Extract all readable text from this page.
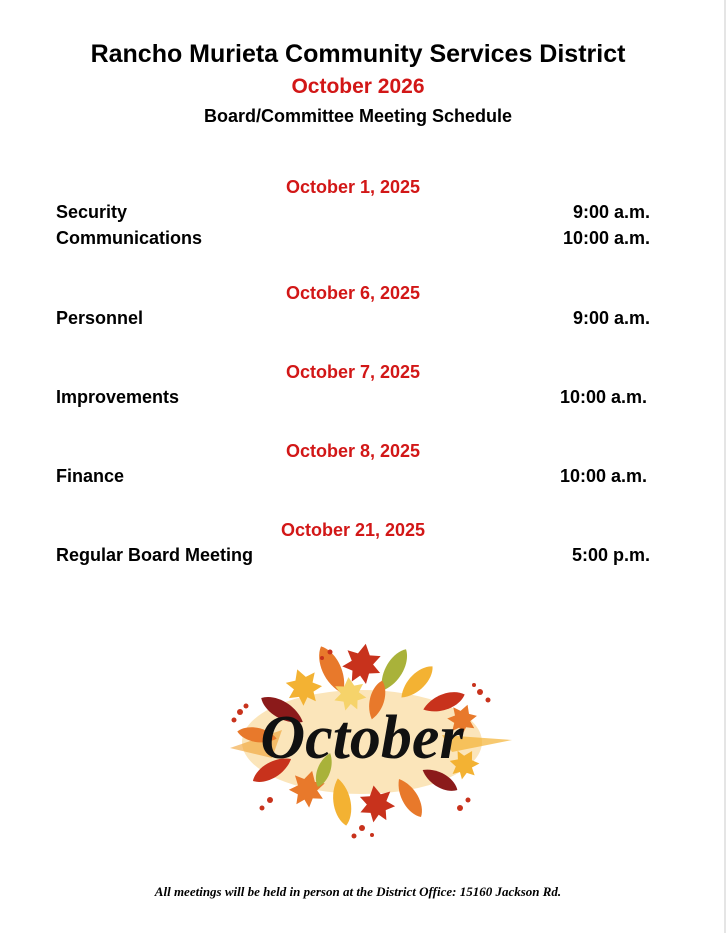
Rancho Murieta Community Services District
October 2026
Board/Committee Meeting Schedule
October 1, 2025
Security	9:00 a.m.
Communications	10:00 a.m.
October 6, 2025
Personnel	9:00 a.m.
October 7, 2025
Improvements	10:00 a.m.
October 8, 2025
Finance	10:00 a.m.
October 21, 2025
Regular Board Meeting	5:00 p.m.
October
All meetings will be held in person at the District Office: 15160 Jackson Rd.
